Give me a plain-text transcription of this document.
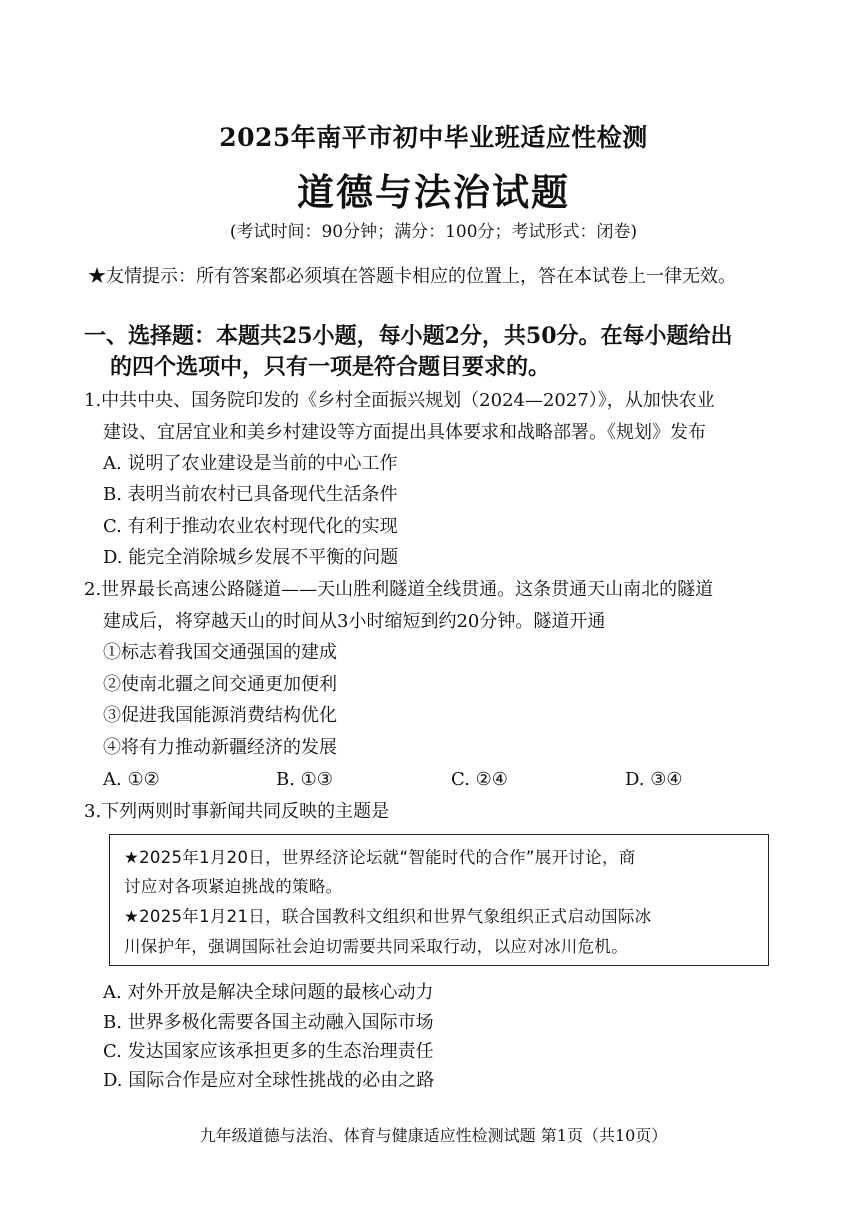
2025年南平市初中毕业班适应性检测
道德与法治试题
(考试时间：90分钟；满分：100分；考试形式：闭卷)
★友情提示：所有答案都必须填在答题卡相应的位置上，答在本试卷上一律无效。
一、选择题：本题共25小题，每小题2分，共50分。在每小题给出
的四个选项中，只有一项是符合题目要求的。
1.中共中央、国务院印发的《乡村全面振兴规划（2024—2027）》，从加快农业
建设、宜居宜业和美乡村建设等方面提出具体要求和战略部署。《规划》发布
A. 说明了农业建设是当前的中心工作
B. 表明当前农村已具备现代生活条件
C. 有利于推动农业农村现代化的实现
D. 能完全消除城乡发展不平衡的问题
2.世界最长高速公路隧道——天山胜利隧道全线贯通。这条贯通天山南北的隧道
建成后，将穿越天山的时间从3小时缩短到约20分钟。隧道开通
①标志着我国交通强国的建成
②使南北疆之间交通更加便利
③促进我国能源消费结构优化
④将有力推动新疆经济的发展
A. ①②	B. ①③	C. ②④	D. ③④
3.下列两则时事新闻共同反映的主题是
★2025年1月20日，世界经济论坛就“智能时代的合作”展开讨论，商
讨应对各项紧迫挑战的策略。
★2025年1月21日，联合国教科文组织和世界气象组织正式启动国际冰
川保护年，强调国际社会迫切需要共同采取行动，以应对冰川危机。
A. 对外开放是解决全球问题的最核心动力
B. 世界多极化需要各国主动融入国际市场
C. 发达国家应该承担更多的生态治理责任
D. 国际合作是应对全球性挑战的必由之路
九年级道德与法治、体育与健康适应性检测试题 第1页（共10页）
